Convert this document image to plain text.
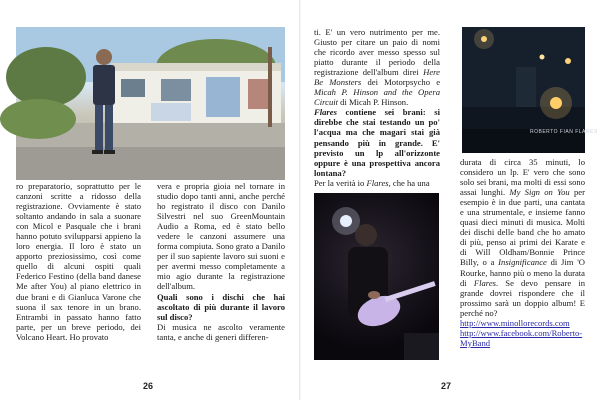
ro preparatorio, soprattutto per le canzoni scritte a ridosso della registrazione. Ovviamente è stato soltanto andando in sala a suonare con Micol e Pasquale che i brani hanno potuto svilupparsi appieno la loro energia. Il loro è stato un apporto preziosissimo, così come quello di alcuni ospiti quali Federico Festino (della band danese Me after You) al piano elettrico in due brani e di Gianluca Varone che suona il sax tenore in un brano. Entrambi in passato hanno fatto parte, per un breve periodo, dei Volcano Heart. Ho provato

vera e propria gioia nel tornare in studio dopo tanti anni, anche perché ho registrato il disco con Danilo Silvestri nel suo GreenMountain Audio a Roma, ed è stato bello vedere le canzoni assumere una forma compiuta. Sono grato a Danilo per il suo sapiente lavoro sui suoni e per avermi messo completamente a mio agio durante la registrazione dell'album.

Quali sono i dischi che hai ascoltato di più durante il lavoro sul disco?

Di musica ne ascolto veramente tanta, e anche di generi differen-

26

ti. E' un vero nutrimento per me. Giusto per citare un paio di nomi che ricordo aver messo spesso sul piatto durante il periodo della registrazione dell'album direi Here Be Monsters dei Motorpsycho e Micah P. Hinson and the Opera Circuit di Micah P. Hinson.

Flares contiene sei brani: si direbbe che stai testando un po' l'acqua ma che magari stai già pensando più in grande. E' previsto un lp all'orizzonte oppure è una prospettiva ancora lontana?

Per la verità io Flares, che ha una

ROBERTO FIAN FLARES

durata di circa 35 minuti, lo considero un lp. E' vero che sono solo sei brani, ma molti di essi sono assai lunghi. My Sign on You per esempio è in due parti, una cantata e una strumentale, e insieme fanno quasi dieci minuti di musica. Molti dei dischi delle band che ho amato di più, penso ai primi dei Karate e di Will Oldham/Bonnie Prince Billy, o a Insignificance di Jim 'O Rourke, hanno più o meno la durata di Flares. Se devo pensare in grande dovrei rispondere che il prossimo sarà un doppio album! E perché no?

http://www.minollorecords.com

http://www.facebook.com/Roberto-MyBand

27
